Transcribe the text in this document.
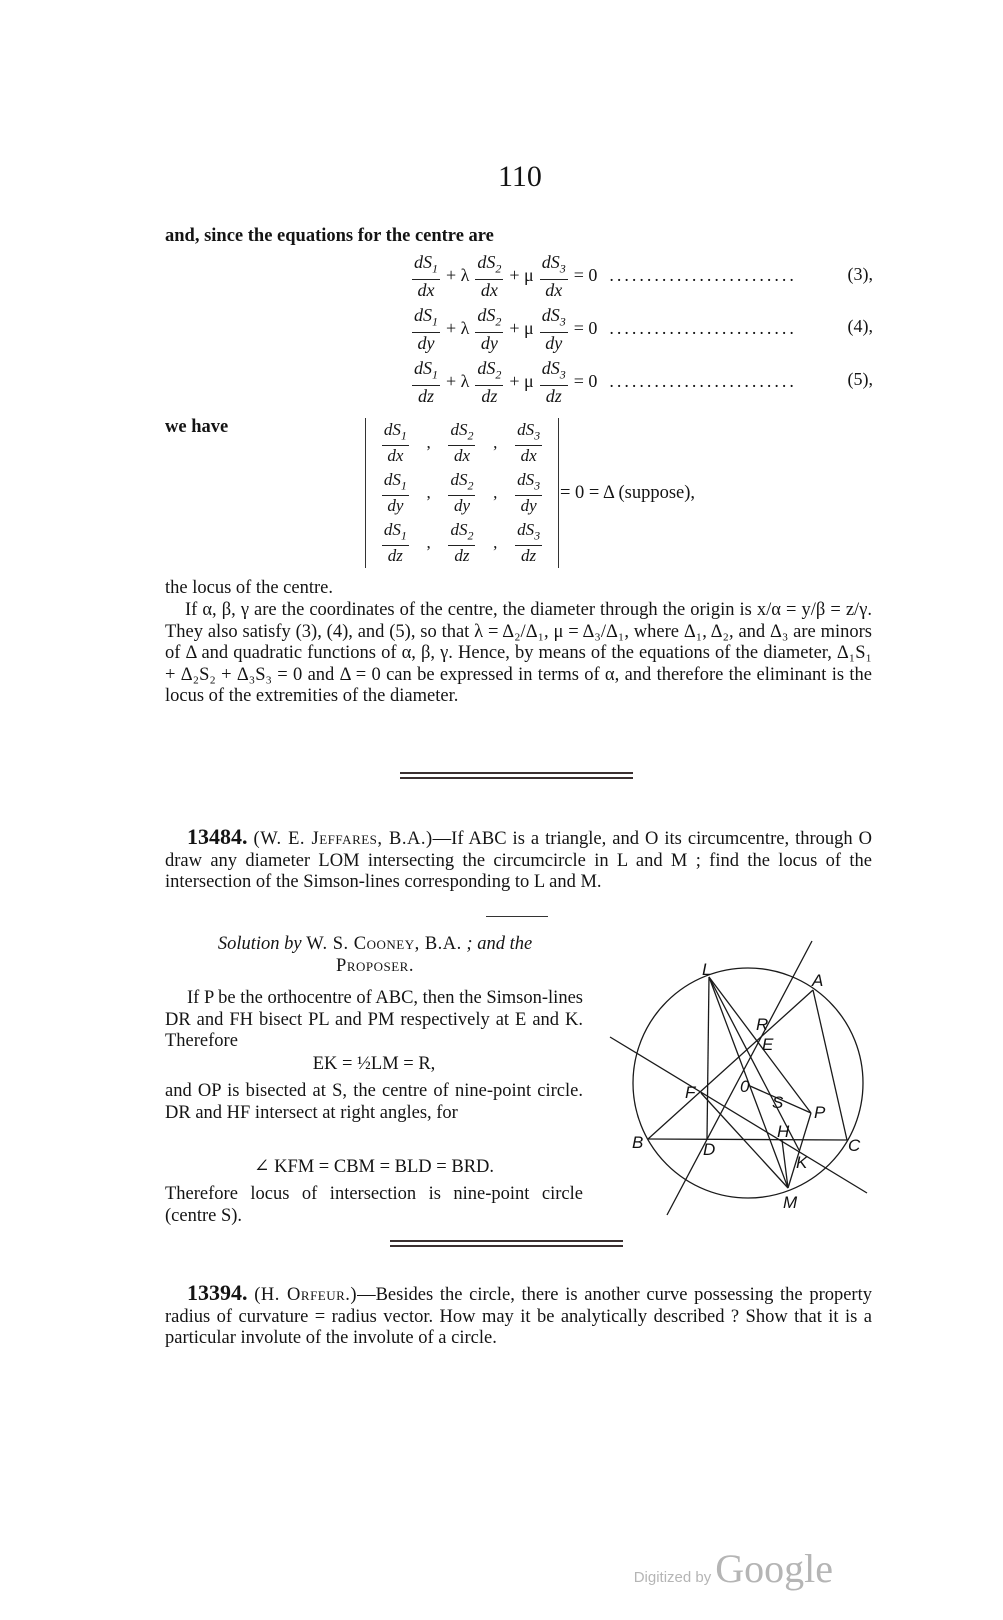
110
and, since the equations for the centre are
$\frac{dS_1}{dx} + \lambda \frac{dS_2}{dx} + \mu \frac{dS_3}{dx} = 0$ .........................	(3),
$\frac{dS_1}{dy} + \lambda \frac{dS_2}{dy} + \mu \frac{dS_3}{dy} = 0$ .........................	(4),
$\frac{dS_1}{dz} + \lambda \frac{dS_2}{dz} + \mu \frac{dS_3}{dz} = 0$ .........................	(5),
we have	$\frac{dS_1}{dx}$ , $\frac{dS_2}{dx}$ , $\frac{dS_3}{dx}$
$\frac{dS_1}{dy}$ , $\frac{dS_2}{dy}$ , $\frac{dS_3}{dy}$
$\frac{dS_1}{dz}$ , $\frac{dS_2}{dz}$ , $\frac{dS_3}{dz}$
= 0 = Δ (suppose),
the locus of the centre.
If α, β, γ are the coordinates of the centre, the diameter through the origin is x/α = y/β = z/γ. They also satisfy (3), (4), and (5), so that λ = Δ₂/Δ₁, μ = Δ₃/Δ₁, where Δ₁, Δ₂, and Δ₃ are minors of Δ and quadratic functions of α, β, γ. Hence, by means of the equations of the diameter, Δ₁S₁ + Δ₂S₂ + Δ₃S₃ = 0 and Δ = 0 can be expressed in terms of α, and therefore the eliminant is the locus of the extremities of the diameter.
13484. (W. E. Jeffares, B.A.)—If ABC is a triangle, and O its circumcentre, through O draw any diameter LOM intersecting the circumcircle in L and M ; find the locus of the intersection of the Simson-lines corresponding to L and M.
Solution by W. S. Cooney, B.A. ; and the
Proposer.
If P be the orthocentre of ABC, then the Simson-lines DR and FH bisect PL and PM respectively at E and K. Therefore
EK = ½LM = R,
and OP is bisected at S, the centre of nine-point circle. DR and HF intersect at right angles, for
∠ KFM = CBM = BLD = BRD.
Therefore locus of intersection is nine-point circle (centre S).
L
A
R
E
F	0
S
P
B	D
H
C
K
M
13394. (H. Orfeur.)—Besides the circle, there is another curve possessing the property radius of curvature = radius vector. How may it be analytically described ? Show that it is a particular involute of the involute of a circle.
Digitized by Google
